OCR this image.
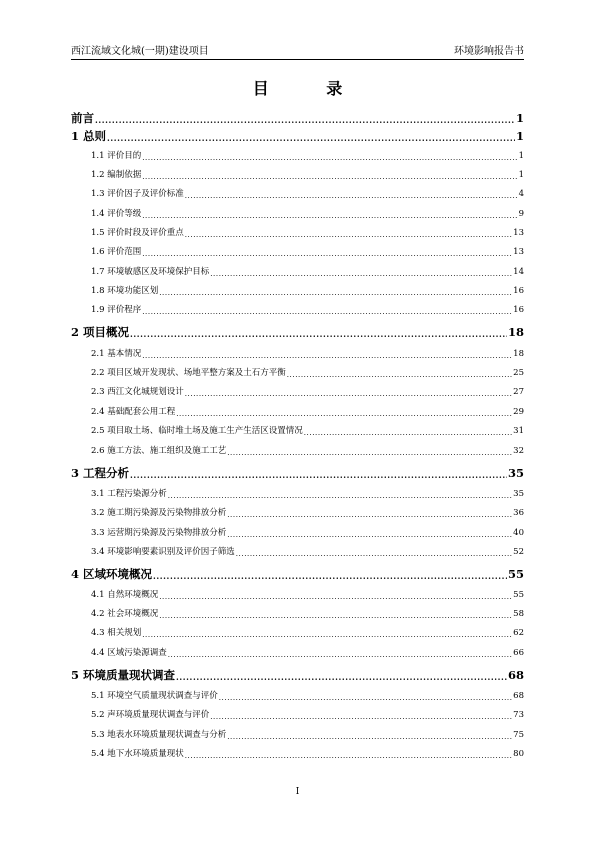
西江流域文化城(一期)建设项目	环境影响报告书
目 录
前言 .....	1
1 总则 .....	1
1.1 评价目的 .....	1
1.2 编制依据 .....	1
1.3 评价因子及评价标准 .....	4
1.4 评价等级 .....	9
1.5 评价时段及评价重点 .....	13
1.6 评价范围 .....	13
1.7 环境敏感区及环境保护目标 .....	14
1.8 环境功能区划 .....	16
1.9 评价程序 .....	16
2 项目概况 .....	18
2.1 基本情况 .....	18
2.2 项目区域开发现状、场地平整方案及土石方平衡 .....	25
2.3 西江文化城规划设计 .....	27
2.4 基础配套公用工程 .....	29
2.5 项目取土场、临时堆土场及施工生产生活区设置情况 .....	31
2.6 施工方法、施工组织及施工工艺 .....	32
3 工程分析 .....	35
3.1 工程污染源分析 .....	35
3.2 施工期污染源及污染物排放分析 .....	36
3.3 运营期污染源及污染物排放分析 .....	40
3.4 环境影响要素识别及评价因子筛选 .....	52
4 区域环境概况 .....	55
4.1 自然环境概况 .....	55
4.2 社会环境概况 .....	58
4.3 相关规划 .....	62
4.4 区域污染源调查 .....	66
5 环境质量现状调查 .....	68
5.1 环境空气质量现状调查与评价 .....	68
5.2 声环境质量现状调查与评价 .....	73
5.3 地表水环境质量现状调查与分析 .....	75
5.4 地下水环境质量现状 .....	80
I
